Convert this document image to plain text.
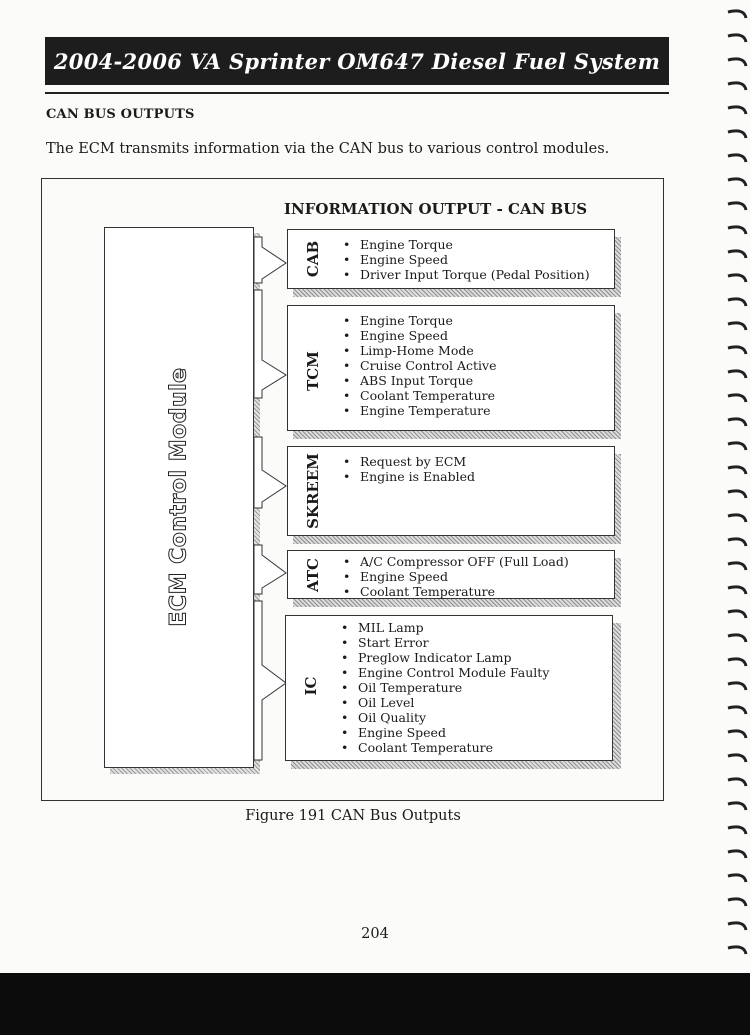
2004-2006 VA Sprinter OM647 Diesel Fuel System
CAN BUS OUTPUTS
The ECM transmits information via the CAN bus to various control modules.
INFORMATION OUTPUT - CAN BUS
ECM Control Module
CAB	• Engine Torque
• Engine Speed
• Driver Input Torque (Pedal Position)
TCM
• Engine Torque
• Engine Speed
• Limp-Home Mode
• Cruise Control Active
• ABS Input Torque
• Coolant Temperature
• Engine Temperature
SKREEM	• Request by ECM
• Engine is Enabled
ATC	• A/C Compressor OFF (Full Load)
• Engine Speed
• Coolant Temperature
IC
• MIL Lamp
• Start Error
• Preglow Indicator Lamp
• Engine Control Module Faulty
• Oil Temperature
• Oil Level
• Oil Quality
• Engine Speed
• Coolant Temperature
Figure 191 CAN Bus Outputs
204
